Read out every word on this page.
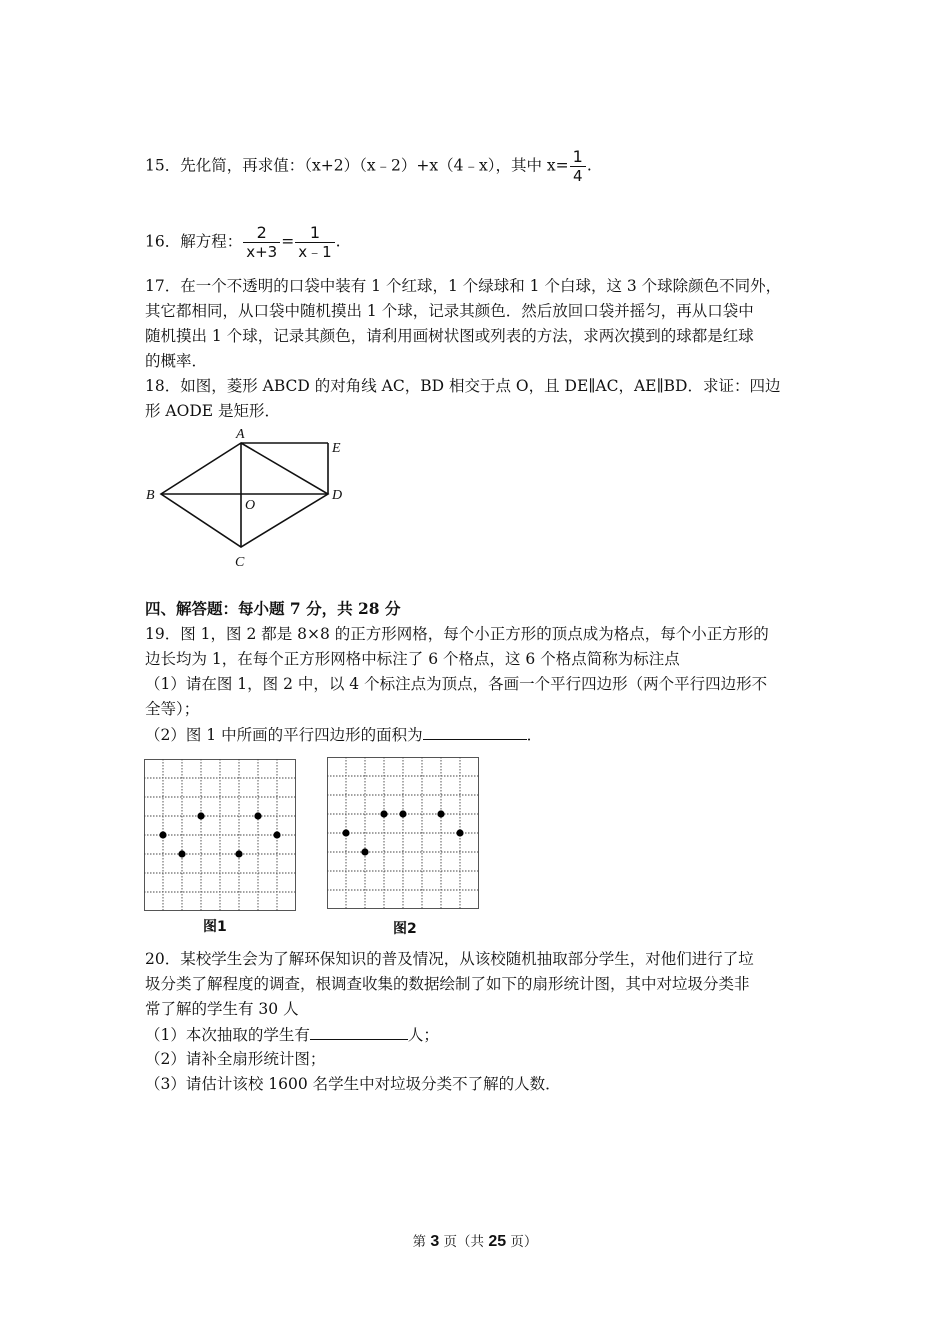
15．先化简，再求值：（x+2）（x﹣2）+x（4﹣x），其中 $x= \frac{1}{4}$ .
16．解方程： $\frac{2}{x+3} = \frac{1}{x﹣1}$ .
17．在一个不透明的口袋中装有 1 个红球，1 个绿球和 1 个白球，这 3 个球除颜色不同外，
其它都相同，从口袋中随机摸出 1 个球，记录其颜色．然后放回口袋并摇匀，再从口袋中
随机摸出 1 个球，记录其颜色，请利用画树状图或列表的方法，求两次摸到的球都是红球
的概率．
18．如图，菱形 ABCD 的对角线 AC，BD 相交于点 O，且 DE∥AC，AE∥BD．求证：四边
形 AODE 是矩形．
A
E
B	D
O
C
四、解答题：每小题 7 分，共 28 分
19．图 1，图 2 都是 8×8 的正方形网格，每个小正方形的顶点成为格点，每个小正方形的
边长均为 1，在每个正方形网格中标注了 6 个格点，这 6 个格点简称为标注点
（1）请在图 1，图 2 中，以 4 个标注点为顶点，各画一个平行四边形（两个平行四边形不
全等）；
（2）图 1 中所画的平行四边形的面积为	．
图1	图2
20．某校学生会为了解环保知识的普及情况，从该校随机抽取部分学生，对他们进行了垃
圾分类了解程度的调查，根调查收集的数据绘制了如下的扇形统计图，其中对垃圾分类非
常了解的学生有 30 人
（1）本次抽取的学生有	人；
（2）请补全扇形统计图；
（3）请估计该校 1600 名学生中对垃圾分类不了解的人数．
第 3 页（共 25 页）
